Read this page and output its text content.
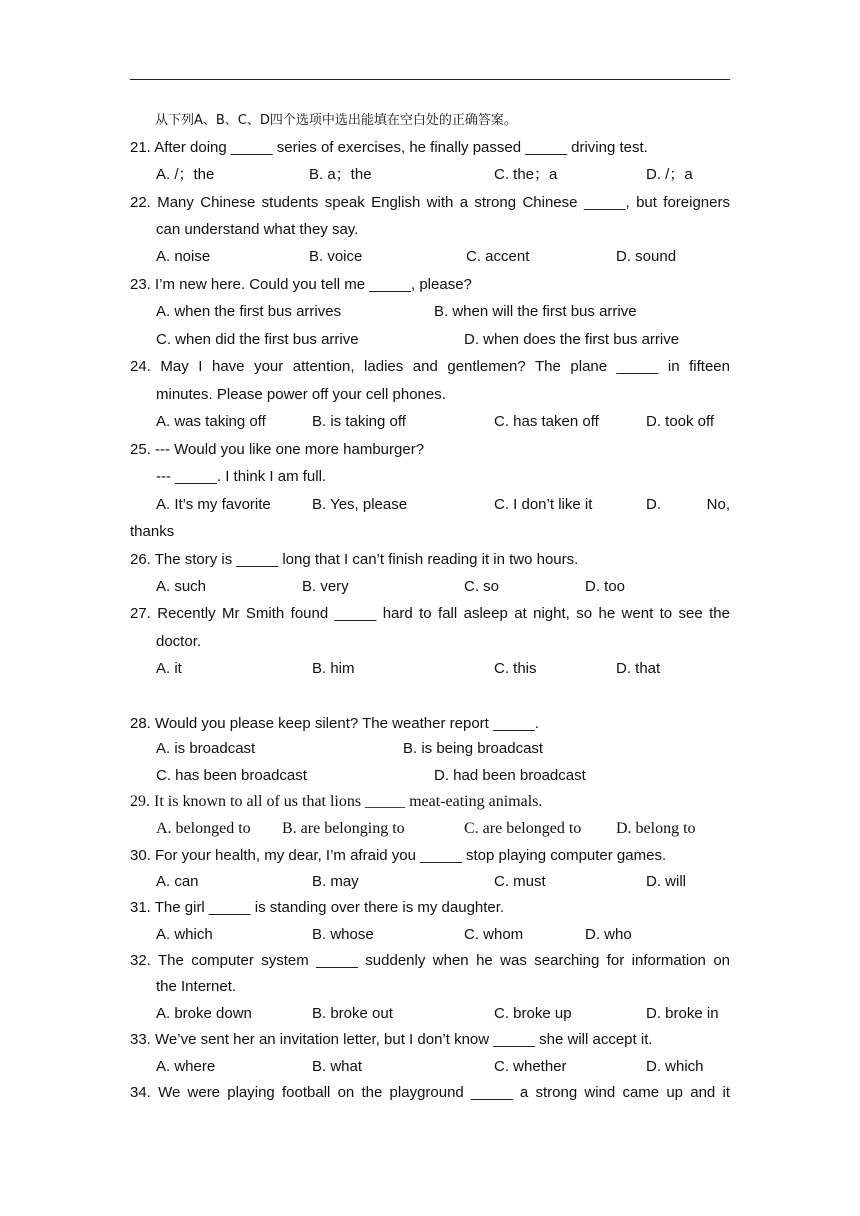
从下列A、B、C、D四个选项中选出能填在空白处的正确答案。
21. After doing _____ series of exercises, he finally passed _____ driving test.
A. /；the	B. a；the	C. the；a	D. /；a
22. Many Chinese students speak English with a strong Chinese _____, but foreigners
can understand what they say.
A. noise	B. voice	C. accent	D. sound
23. I’m new here. Could you tell me _____, please?
A. when the first bus arrives	B. when will the first bus arrive
C. when did the first bus arrive	D. when does the first bus arrive
24. May I have your attention, ladies and gentlemen? The plane _____ in fifteen
minutes. Please power off your cell phones.
A. was taking off	B. is taking off	C. has taken off	D. took off
25. --- Would you like one more hamburger?
--- _____. I think I am full.
A. It’s my favorite	B. Yes, please	C. I don’t like it	D. No,
thanks
26. The story is _____ long that I can’t finish reading it in two hours.
A. such	B. very	C. so	D. too
27. Recently Mr Smith found _____ hard to fall asleep at night, so he went to see the
doctor.
A. it	B. him	C. this	D. that
28. Would you please keep silent? The weather report _____.
A. is broadcast	B. is being broadcast
C. has been broadcast	D. had been broadcast
29. It is known to all of us that lions _____ meat-eating animals.
A. belonged to B. are belonging to	C. are belonged to D. belong to
30. For your health, my dear, I’m afraid you _____ stop playing computer games.
A. can	B. may	C. must	D. will
31. The girl _____ is standing over there is my daughter.
A. which	B. whose	C. whom	D. who
32. The computer system _____ suddenly when he was searching for information on
the Internet.
A. broke down	B. broke out	C. broke up	D. broke in
33. We’ve sent her an invitation letter, but I don’t know _____ she will accept it.
A. where	B. what	C. whether	D. which
34. We were playing football on the playground _____ a strong wind came up and it
